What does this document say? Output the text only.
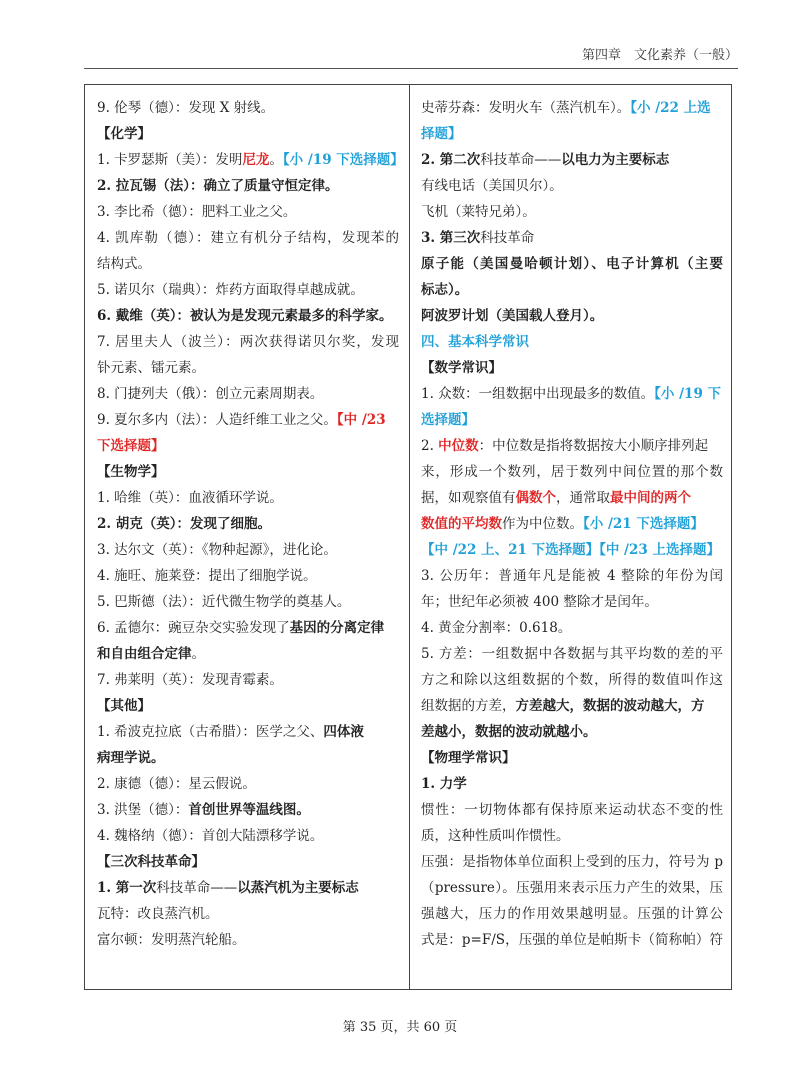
第四章　文化素养（一般）
9. 伦琴（德）：发现 X 射线。
【化学】
1. 卡罗瑟斯（美）：发明尼龙。【小 /19 下选择题】
2. 拉瓦锡（法）：确立了质量守恒定律。
3. 李比希（德）：肥料工业之父。
4. 凯库勒（德）：建立有机分子结构，发现苯的
结构式。
5. 诺贝尔（瑞典）：炸药方面取得卓越成就。
6. 戴维（英）：被认为是发现元素最多的科学家。
7. 居里夫人（波兰）：两次获得诺贝尔奖，发现
钋元素、镭元素。
8. 门捷列夫（俄）：创立元素周期表。
9. 夏尔多内（法）：人造纤维工业之父。【中 /23
下选择题】
【生物学】
1. 哈维（英）：血液循环学说。
2. 胡克（英）：发现了细胞。
3. 达尔文（英）：《物种起源》，进化论。
4. 施旺、施莱登：提出了细胞学说。
5. 巴斯德（法）：近代微生物学的奠基人。
6. 孟德尔：豌豆杂交实验发现了基因的分离定律
和自由组合定律。
7. 弗莱明（英）：发现青霉素。
【其他】
1. 希波克拉底（古希腊）：医学之父、四体液
病理学说。
2. 康德（德）：星云假说。
3. 洪堡（德）：首创世界等温线图。
4. 魏格纳（德）：首创大陆漂移学说。
【三次科技革命】
1. 第一次科技革命——以蒸汽机为主要标志
瓦特：改良蒸汽机。
富尔顿：发明蒸汽轮船。
史蒂芬森：发明火车（蒸汽机车）。【小 /22 上选
择题】
2. 第二次科技革命——以电力为主要标志
有线电话（美国贝尔）。
飞机（莱特兄弟）。
3. 第三次科技革命
原子能（美国曼哈顿计划）、电子计算机（主要
标志）。
阿波罗计划（美国载人登月）。
四、基本科学常识
【数学常识】
1. 众数：一组数据中出现最多的数值。【小 /19 下
选择题】
2. 中位数：中位数是指将数据按大小顺序排列起
来，形成一个数列，居于数列中间位置的那个数
据，如观察值有偶数个，通常取最中间的两个
数值的平均数作为中位数。【小 /21 下选择题】
【中 /22 上、21 下选择题】【中 /23 上选择题】
3. 公历年：普通年凡是能被 4 整除的年份为闰
年；世纪年必须被 400 整除才是闰年。
4. 黄金分割率：0.618。
5. 方差：一组数据中各数据与其平均数的差的平
方之和除以这组数据的个数，所得的数值叫作这
组数据的方差，方差越大，数据的波动越大，方
差越小，数据的波动就越小。
【物理学常识】
1. 力学
惯性：一切物体都有保持原来运动状态不变的性
质，这种性质叫作惯性。
压强：是指物体单位面积上受到的压力，符号为 p
（pressure）。压强用来表示压力产生的效果，压
强越大，压力的作用效果越明显。压强的计算公
式是：p=F/S，压强的单位是帕斯卡（简称帕）符
第 35 页，共 60 页
